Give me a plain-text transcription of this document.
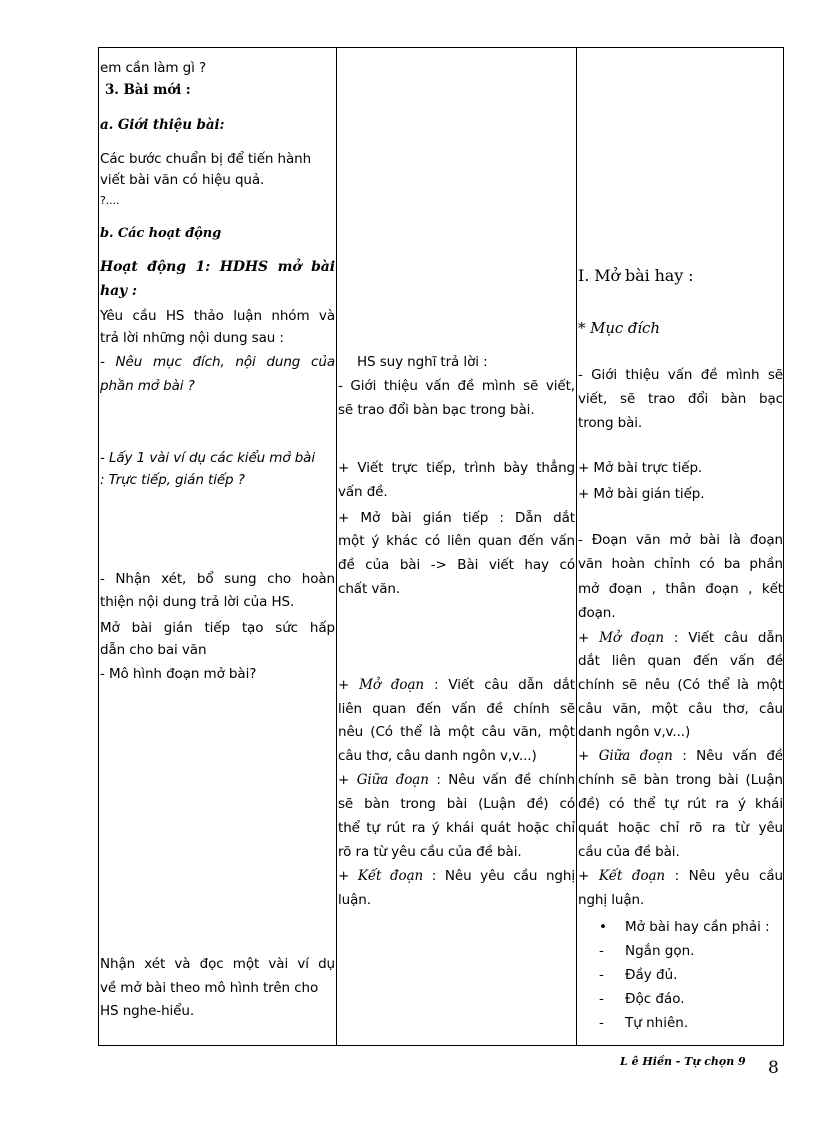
em cần làm gì ?
3. Bài mới :
a. Giới thiệu bài:
Các bước chuẩn bị để tiến hành
viết bài văn có hiệu quả.
?....
b. Các hoạt động
Hoạt động 1: HDHS mở bài
hay :
Yêu cầu HS thảo luận nhóm và
trả lời những nội dung sau :
- Nêu mục đích, nội dung của
phần mở bài ?
- Lấy 1 vài ví dụ các kiểu mở bài
: Trực tiếp, gián tiếp ?
- Nhận xét, bổ sung cho hoàn
thiện nội dung trả lời của HS.
Mở bài gián tiếp tạo sức hấp
dẫn cho bai văn
- Mô hình đoạn mở bài?
Nhận xét và đọc một vài ví dụ
về mở bài theo mô hình trên cho
HS nghe-hiểu.
HS suy nghĩ trả lời :
- Giới thiệu vấn đề mình sẽ viết,
sẽ trao đổi bàn bạc trong bài.
+ Viết trực tiếp, trình bày thẳng
vấn đề.
+ Mở bài gián tiếp : Dẫn dắt
một ý khác có liên quan đến vấn
đề của bài -> Bài viết hay có
chất văn.
+ Mở đoạn : Viết câu dẫn dắt
liên quan đến vấn đề chính sẽ
nêu (Có thể là một câu văn, một
câu thơ, câu danh ngôn v,v...)
+ Giữa đoạn : Nêu vấn đề chính
sẽ bàn trong bài (Luận đề) có
thể tự rút ra ý khái quát hoặc chỉ
rõ ra từ yêu cầu của đề bài.
+ Kết đoạn : Nêu yêu cầu nghị
luận.
I. Mở bài hay :
* Mục đích
- Giới thiệu vấn đề mình sẽ
viết, sẽ trao đổi bàn bạc
trong bài.
+ Mở bài trực tiếp.
+ Mở bài gián tiếp.
- Đoạn văn mở bài là đoạn
văn hoàn chỉnh có ba phần
mở đoạn , thân đoạn , kết
đoạn.
+ Mở đoạn : Viết câu dẫn
dắt liên quan đến vấn đề
chính sẽ nêu (Có thể là một
câu văn, một câu thơ, câu
danh ngôn v,v...)
+ Giữa đoạn : Nêu vấn đề
chính sẽ bàn trong bài (Luận
đề) có thể tự rút ra ý khái
quát hoặc chỉ rõ ra từ yêu
cầu của đề bài.
+ Kết đoạn : Nêu yêu cầu
nghị luận.
• Mở bài hay cần phải :
- Ngắn gọn.
- Đầy đủ.
- Độc đáo.
- Tự nhiên.
L ê Hiền - Tự chọn 9 8
